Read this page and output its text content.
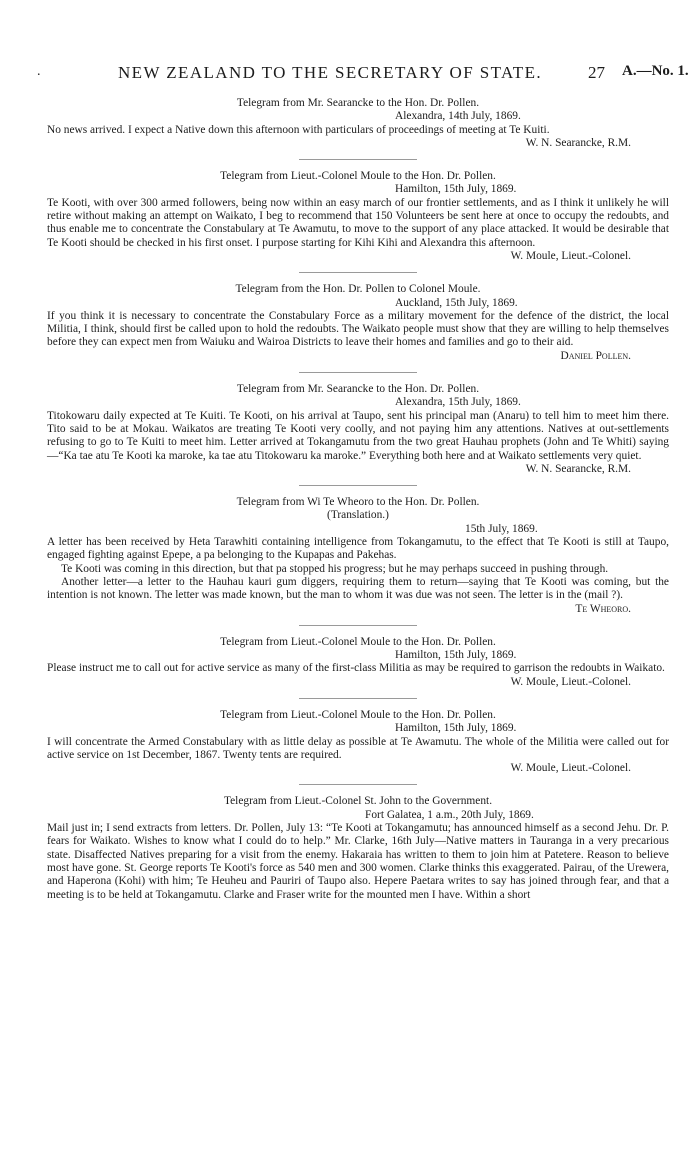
.	NEW ZEALAND TO THE SECRETARY OF STATE.	27 A.—No. 1.

Telegram from Mr. Searancke to the Hon. Dr. Pollen.

Alexandra, 14th July, 1869.

No news arrived. I expect a Native down this afternoon with particulars of proceedings of meeting at Te Kuiti.

W. N. Searancke, R.M.

Telegram from Lieut.-Colonel Moule to the Hon. Dr. Pollen.

Hamilton, 15th July, 1869.

Te Kooti, with over 300 armed followers, being now within an easy march of our frontier settlements, and as I think it unlikely he will retire without making an attempt on Waikato, I beg to recommend that 150 Volunteers be sent here at once to occupy the redoubts, and thus enable me to concentrate the Constabulary at Te Awamutu, to move to the support of any place attacked. It would be desirable that Te Kooti should be checked in his first onset. I purpose starting for Kihi Kihi and Alexandra this afternoon.

W. Moule, Lieut.-Colonel.

Telegram from the Hon. Dr. Pollen to Colonel Moule.

Auckland, 15th July, 1869.

If you think it is necessary to concentrate the Constabulary Force as a military movement for the defence of the district, the local Militia, I think, should first be called upon to hold the redoubts. The Waikato people must show that they are willing to help themselves before they can expect men from Waiuku and Wairoa Districts to leave their homes and families and go to their aid.

Daniel Pollen.

Telegram from Mr. Searancke to the Hon. Dr. Pollen.

Alexandra, 15th July, 1869.

Titokowaru daily expected at Te Kuiti. Te Kooti, on his arrival at Taupo, sent his principal man (Anaru) to tell him to meet him there. Tito said to be at Mokau. Waikatos are treating Te Kooti very coolly, and not paying him any attentions. Natives at out-settlements refusing to go to Te Kuiti to meet him. Letter arrived at Tokangamutu from the two great Hauhau prophets (John and Te Whiti) saying—“Ka tae atu Te Kooti ka maroke, ka tae atu Titokowaru ka maroke.” Everything both here and at Waikato settlements very quiet.

W. N. Searancke, R.M.

Telegram from Wi Te Wheoro to the Hon. Dr. Pollen.

(Translation.)

15th July, 1869.

A letter has been received by Heta Tarawhiti containing intelligence from Tokangamutu, to the effect that Te Kooti is still at Taupo, engaged fighting against Epepe, a pa belonging to the Kupapas and Pakehas.

Te Kooti was coming in this direction, but that pa stopped his progress; but he may perhaps succeed in pushing through.

Another letter—a letter to the Hauhau kauri gum diggers, requiring them to return—saying that Te Kooti was coming, but the intention is not known. The letter was made known, but the man to whom it was due was not seen. The letter is in the (mail ?).

Te Wheoro.

Telegram from Lieut.-Colonel Moule to the Hon. Dr. Pollen.

Hamilton, 15th July, 1869.

Please instruct me to call out for active service as many of the first-class Militia as may be required to garrison the redoubts in Waikato.

W. Moule, Lieut.-Colonel.

Telegram from Lieut.-Colonel Moule to the Hon. Dr. Pollen.

Hamilton, 15th July, 1869.

I will concentrate the Armed Constabulary with as little delay as possible at Te Awamutu. The whole of the Militia were called out for active service on 1st December, 1867. Twenty tents are required.

W. Moule, Lieut.-Colonel.

Telegram from Lieut.-Colonel St. John to the Government.

Fort Galatea, 1 a.m., 20th July, 1869.

Mail just in; I send extracts from letters. Dr. Pollen, July 13: “Te Kooti at Tokangamutu; has announced himself as a second Jehu. Dr. P. fears for Waikato. Wishes to know what I could do to help.” Mr. Clarke, 16th July—Native matters in Tauranga in a very precarious state. Disaffected Natives preparing for a visit from the enemy. Hakaraia has written to them to join him at Patetere. Reason to believe most have gone. St. George reports Te Kooti's force as 540 men and 300 women. Clarke thinks this exaggerated. Pairau, of the Urewera, and Haperona (Kohi) with him; Te Heuheu and Pauriri of Taupo also. Hepere Paetara writes to say has joined through fear, and that a meeting is to be held at Tokangamutu. Clarke and Fraser write for the mounted men I have. Within a short
